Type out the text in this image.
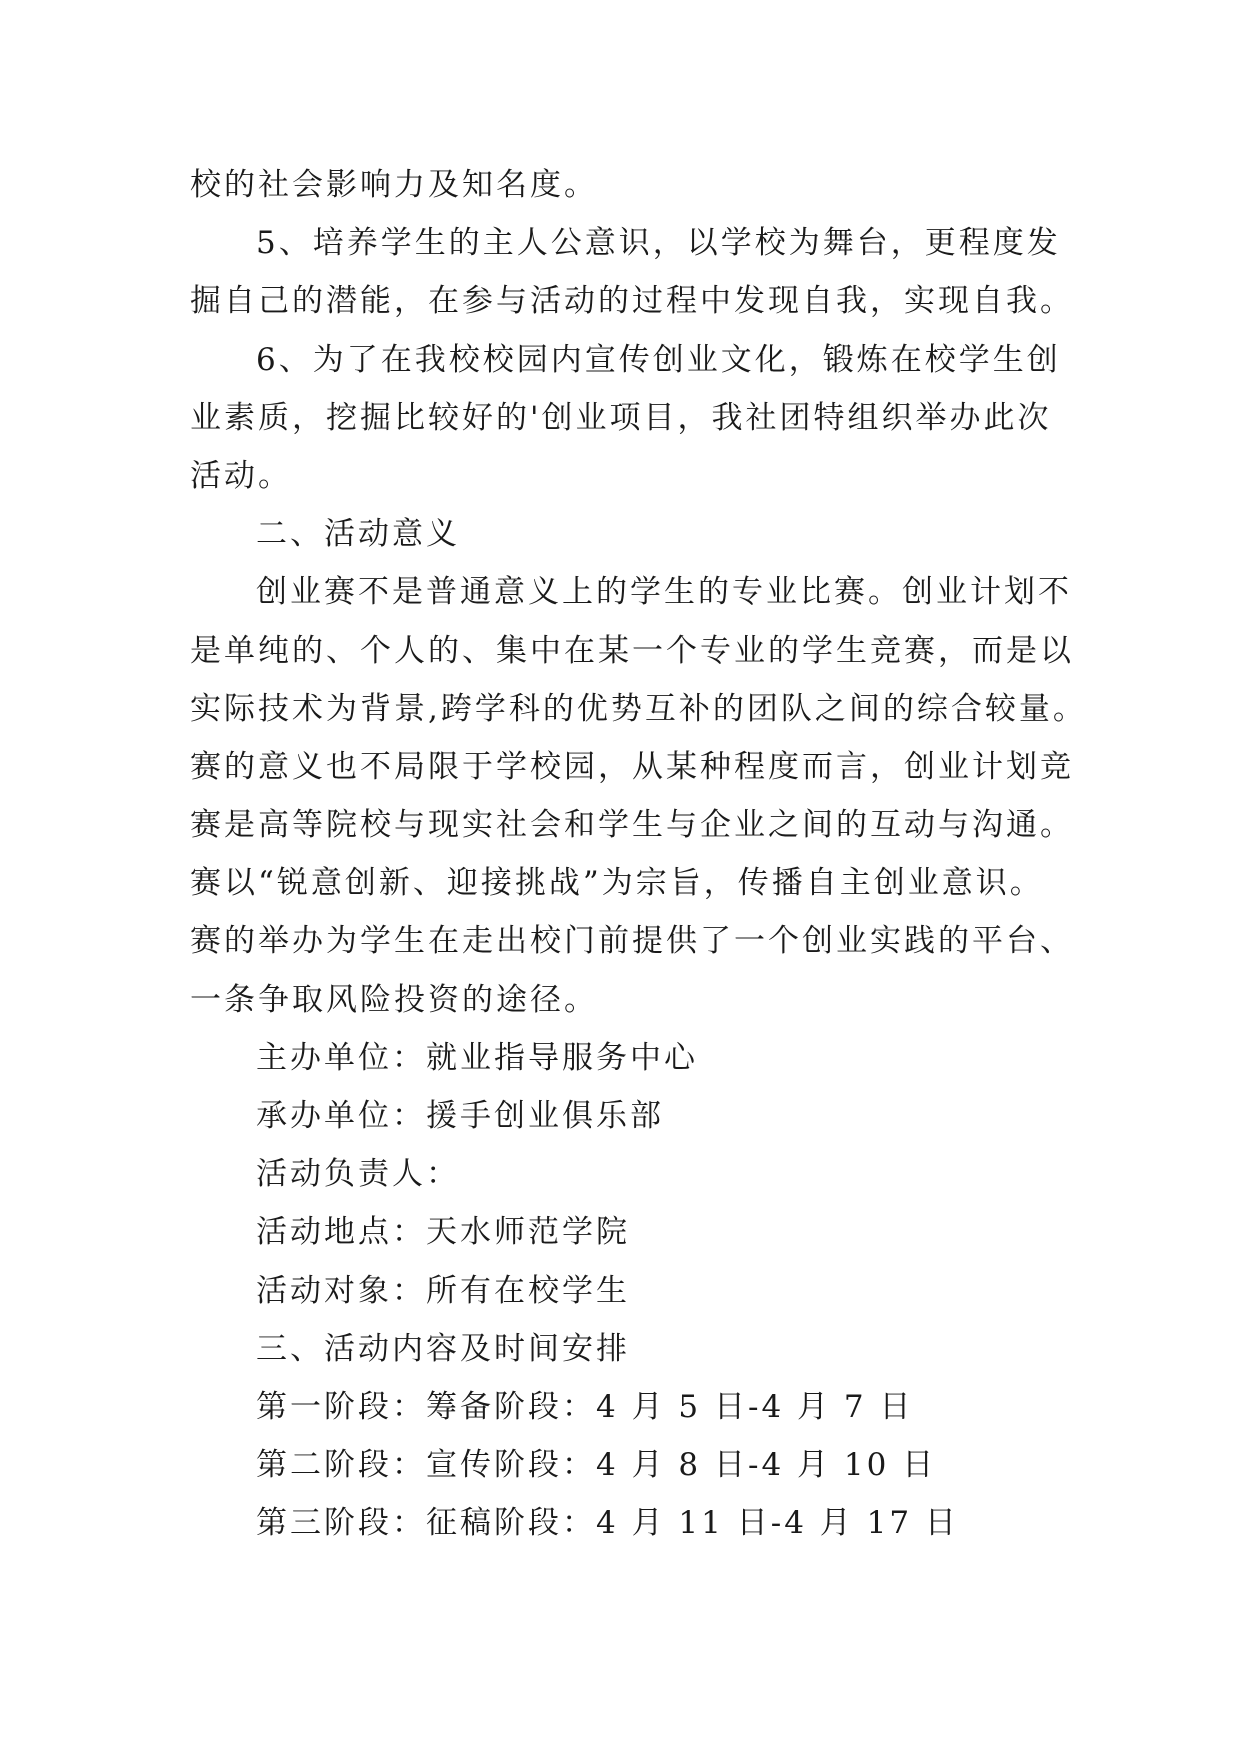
校的社会影响力及知名度。
5、培养学生的主人公意识，以学校为舞台，更程度发
掘自己的潜能，在参与活动的过程中发现自我，实现自我。
6、为了在我校校园内宣传创业文化，锻炼在校学生创
业素质，挖掘比较好的'创业项目，我社团特组织举办此次
活动。
二、活动意义
创业赛不是普通意义上的学生的专业比赛。创业计划不
是单纯的、个人的、集中在某一个专业的学生竞赛，而是以
实际技术为背景,跨学科的优势互补的团队之间的综合较量。
赛的意义也不局限于学校园，从某种程度而言，创业计划竞
赛是高等院校与现实社会和学生与企业之间的互动与沟通。
赛以“锐意创新、迎接挑战”为宗旨，传播自主创业意识。
赛的举办为学生在走出校门前提供了一个创业实践的平台、
一条争取风险投资的途径。
主办单位：就业指导服务中心
承办单位：援手创业俱乐部
活动负责人：
活动地点：天水师范学院
活动对象：所有在校学生
三、活动内容及时间安排
第一阶段：筹备阶段：4 月 5 日-4 月 7 日
第二阶段：宣传阶段：4 月 8 日-4 月 10 日
第三阶段：征稿阶段：4 月 11 日-4 月 17 日
